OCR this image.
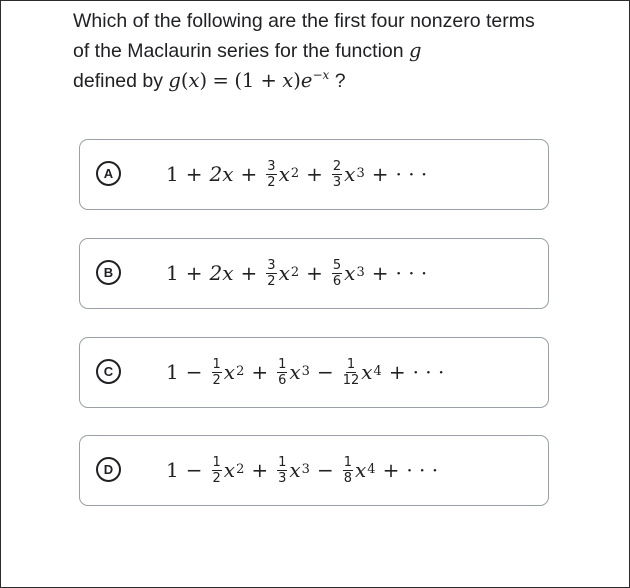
Which of the following are the first four nonzero terms of the Maclaurin series for the function g
defined by $g(x) = (1 + x)e^{-x}$ ?
A	$1 + 2x + \frac{3}{2}$ x $2 + \frac{2}{3}$ x 3 + · · ·
B	$1 + 2x + \frac{3}{2}$ x $2 + \frac{5}{6}$ x 3 + · · ·
C	$1 - \frac{1}{2}$ x $2 + \frac{1}{6}$ x $3 - \frac{1}{12}$ x 4 + · · ·
D	$1 - \frac{1}{2}$ x $2 + \frac{1}{3}$ x $3 - \frac{1}{8}$ x 4 + · · ·
